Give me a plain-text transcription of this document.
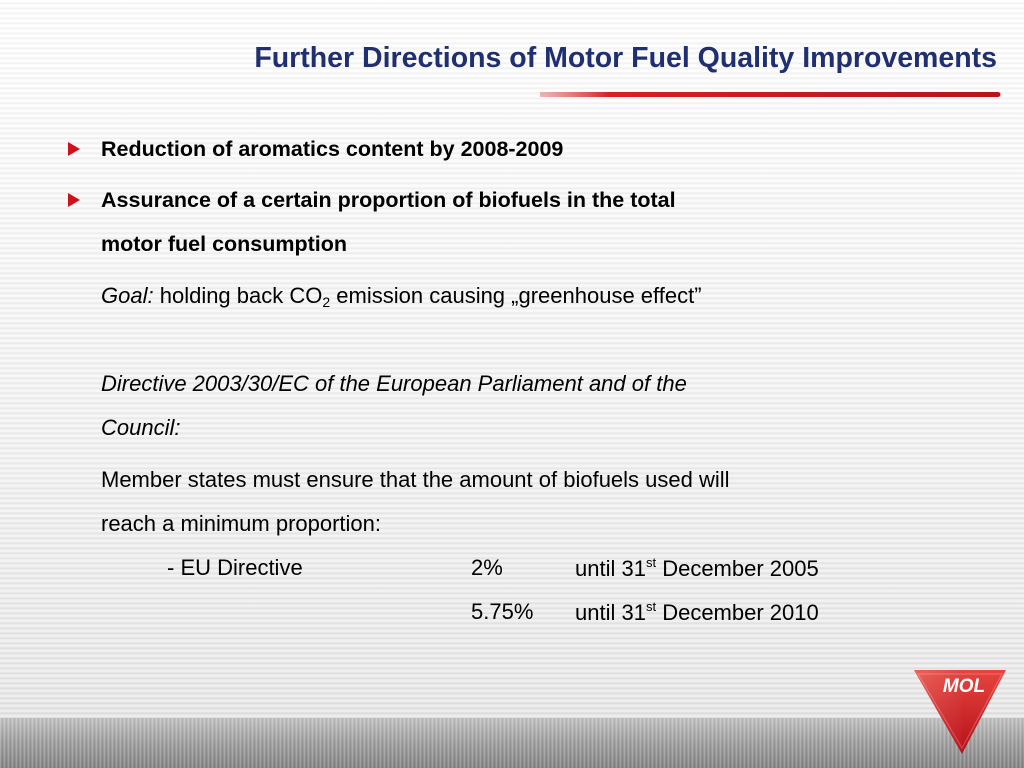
Further Directions of Motor Fuel Quality Improvements
Reduction of aromatics content by 2008-2009
Assurance of a certain proportion of biofuels in the total
motor fuel consumption
Goal: holding back $CO_2$ emission causing „greenhouse effect”
Directive 2003/30/EC of the European Parliament and of the
Council:
Member states must ensure that the amount of biofuels used will
reach a minimum proportion:
- EU Directive	2%	until 31st December 2005
5.75% until 31st December 2010
MOL
